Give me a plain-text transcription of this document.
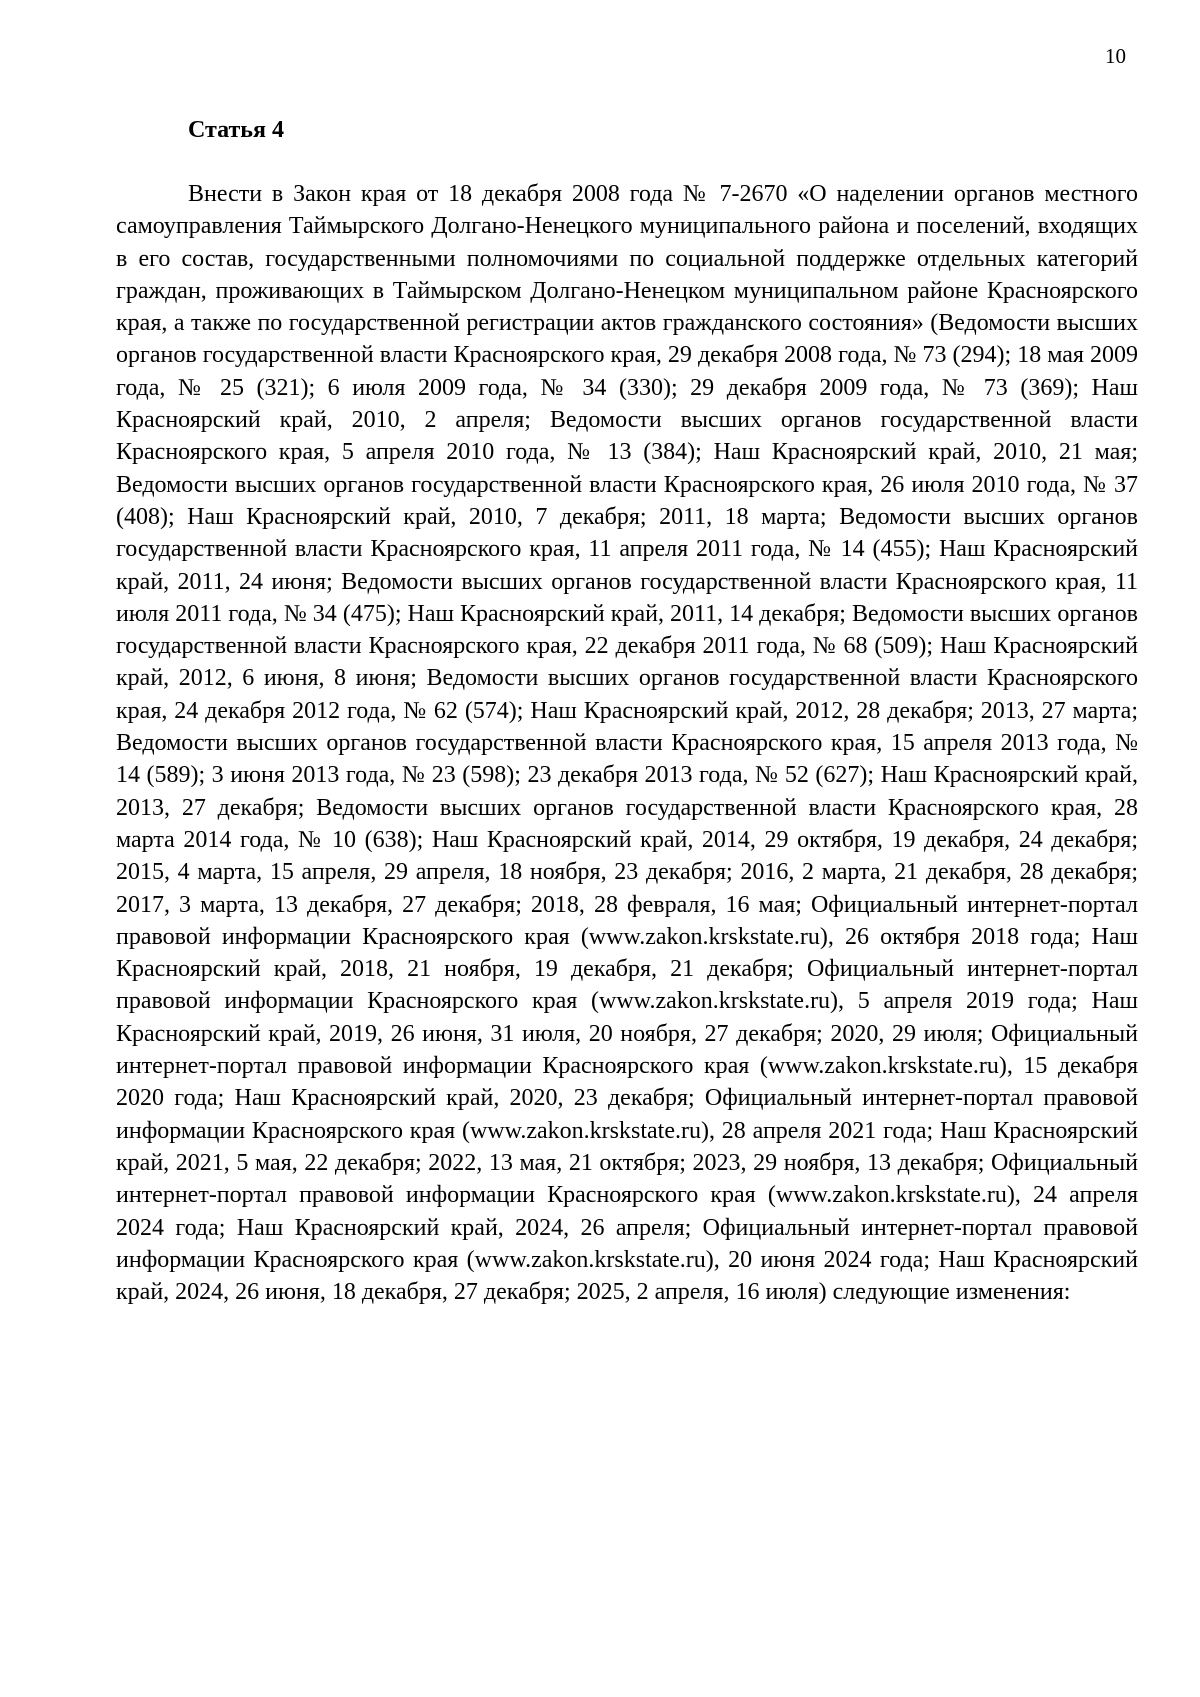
10
Статья 4

Внести в Закон края от 18 декабря 2008 года № 7-2670 «О наделении органов местного самоуправления Таймырского Долгано-Ненецкого муниципального района и поселений, входящих в его состав, государственными полномочиями по социальной поддержке отдельных категорий граждан, проживающих в Таймырском Долгано-Ненецком муниципальном районе Красноярского края, а также по государственной регистрации актов гражданского состояния» (Ведомости высших органов государственной власти Красноярского края, 29 декабря 2008 года, № 73 (294); 18 мая 2009 года, № 25 (321); 6 июля 2009 года, № 34 (330); 29 декабря 2009 года, № 73 (369); Наш Красноярский край, 2010, 2 апреля; Ведомости высших органов государственной власти Красноярского края, 5 апреля 2010 года, № 13 (384); Наш Красноярский край, 2010, 21 мая; Ведомости высших органов государственной власти Красноярского края, 26 июля 2010 года, № 37 (408); Наш Красноярский край, 2010, 7 декабря; 2011, 18 марта; Ведомости высших органов государственной власти Красноярского края, 11 апреля 2011 года, № 14 (455); Наш Красноярский край, 2011, 24 июня; Ведомости высших органов государственной власти Красноярского края, 11 июля 2011 года, № 34 (475); Наш Красноярский край, 2011, 14 декабря; Ведомости высших органов государственной власти Красноярского края, 22 декабря 2011 года, № 68 (509); Наш Красноярский край, 2012, 6 июня, 8 июня; Ведомости высших органов государственной власти Красноярского края, 24 декабря 2012 года, № 62 (574); Наш Красноярский край, 2012, 28 декабря; 2013, 27 марта; Ведомости высших органов государственной власти Красноярского края, 15 апреля 2013 года, № 14 (589); 3 июня 2013 года, № 23 (598); 23 декабря 2013 года, № 52 (627); Наш Красноярский край, 2013, 27 декабря; Ведомости высших органов государственной власти Красноярского края, 28 марта 2014 года, № 10 (638); Наш Красноярский край, 2014, 29 октября, 19 декабря, 24 декабря; 2015, 4 марта, 15 апреля, 29 апреля, 18 ноября, 23 декабря; 2016, 2 марта, 21 декабря, 28 декабря; 2017, 3 марта, 13 декабря, 27 декабря; 2018, 28 февраля, 16 мая; Официальный интернет-портал правовой информации Красноярского края (www.zakon.krskstate.ru), 26 октября 2018 года; Наш Красноярский край, 2018, 21 ноября, 19 декабря, 21 декабря; Официальный интернет-портал правовой информации Красноярского края (www.zakon.krskstate.ru), 5 апреля 2019 года; Наш Красноярский край, 2019, 26 июня, 31 июля, 20 ноября, 27 декабря; 2020, 29 июля; Официальный интернет-портал правовой информации Красноярского края (www.zakon.krskstate.ru), 15 декабря 2020 года; Наш Красноярский край, 2020, 23 декабря; Официальный интернет-портал правовой информации Красноярского края (www.zakon.krskstate.ru), 28 апреля 2021 года; Наш Красноярский край, 2021, 5 мая, 22 декабря; 2022, 13 мая, 21 октября; 2023, 29 ноября, 13 декабря; Официальный интернет-портал правовой информации Красноярского края (www.zakon.krskstate.ru), 24 апреля 2024 года; Наш Красноярский край, 2024, 26 апреля; Официальный интернет-портал правовой информации Красноярского края (www.zakon.krskstate.ru), 20 июня 2024 года; Наш Красноярский край, 2024, 26 июня, 18 декабря, 27 декабря; 2025, 2 апреля, 16 июля) следующие изменения:
